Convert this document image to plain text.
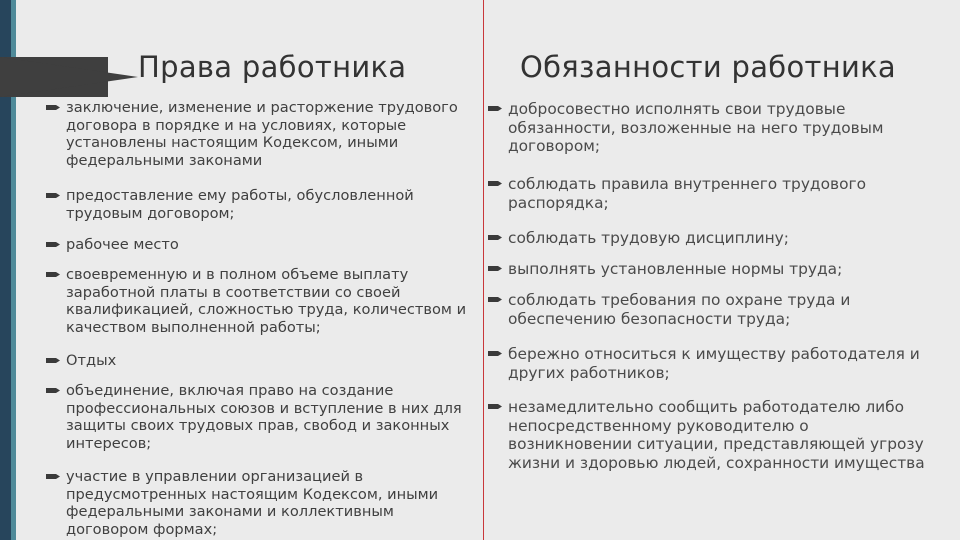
Права работника	Обязанности работника
заключение, изменение и расторжение трудового договора в порядке и на условиях, которые установлены настоящим Кодексом, иными федеральными законами
предоставление ему работы, обусловленной трудовым договором;
рабочее место
своевременную и в полном объеме выплату заработной платы в соответствии со своей квалификацией, сложностью труда, количеством и качеством выполненной работы;
Отдых
объединение, включая право на создание профессиональных союзов и вступление в них для защиты своих трудовых прав, свобод и законных интересов;
участие в управлении организацией в предусмотренных настоящим Кодексом, иными федеральными законами и коллективным договором формах;
добросовестно исполнять свои трудовые обязанности, возложенные на него трудовым договором;
соблюдать правила внутреннего трудового распорядка;
соблюдать трудовую дисциплину;
выполнять установленные нормы труда;
соблюдать требования по охране труда и обеспечению безопасности труда;
бережно относиться к имуществу работодателя и других работников;
незамедлительно сообщить работодателю либо непосредственному руководителю о возникновении ситуации, представляющей угрозу жизни и здоровью людей, сохранности имущества
